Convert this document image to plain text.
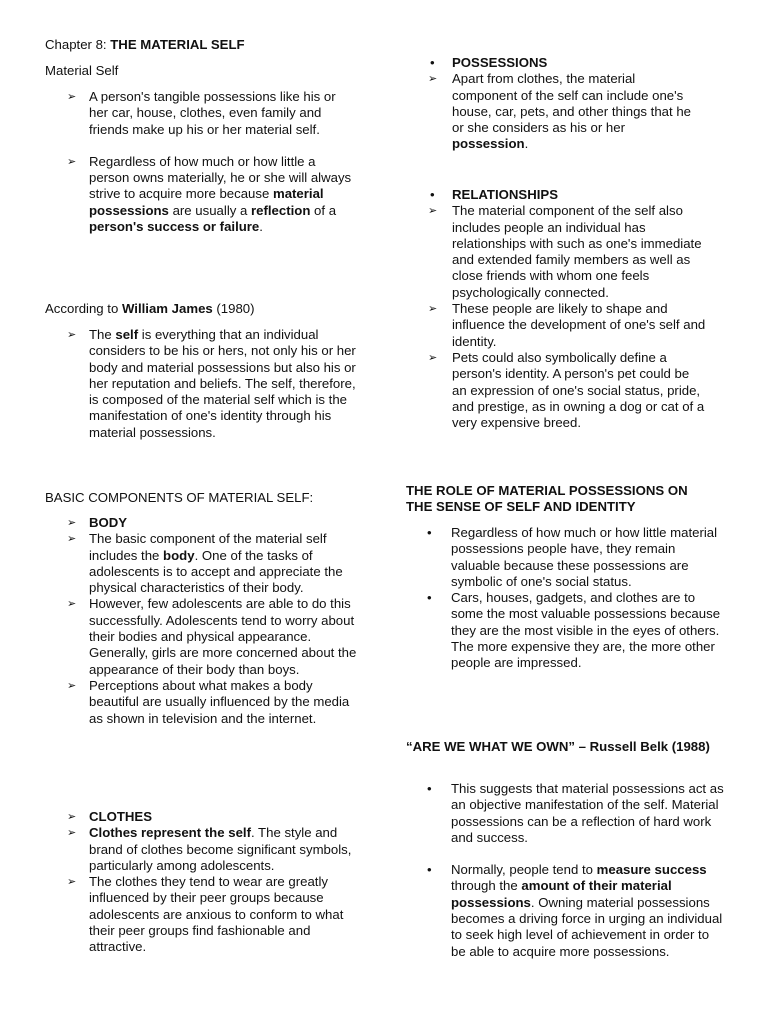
Chapter 8: THE MATERIAL SELF

Material Self

➢ A person's tangible possessions like his or her car, house, clothes, even family and friends make up his or her material self.
➢ Regardless of how much or how little a person owns materially, he or she will always strive to acquire more because material possessions are usually a reflection of a person's success or failure.

According to William James (1980)

➢ The self is everything that an individual considers to be his or hers, not only his or her body and material possessions but also his or her reputation and beliefs. The self, therefore, is composed of the material self which is the manifestation of one's identity through his material possessions.

BASIC COMPONENTS OF MATERIAL SELF:

➢ BODY
➢ The basic component of the material self includes the body. One of the tasks of adolescents is to accept and appreciate the physical characteristics of their body.
➢ However, few adolescents are able to do this successfully. Adolescents tend to worry about their bodies and physical appearance. Generally, girls are more concerned about the appearance of their body than boys.
➢ Perceptions about what makes a body beautiful are usually influenced by the media as shown in television and the internet.
➢ CLOTHES
➢ Clothes represent the self. The style and brand of clothes become significant symbols, particularly among adolescents.
➢ The clothes they tend to wear are greatly influenced by their peer groups because adolescents are anxious to conform to what their peer groups find fashionable and attractive.
• POSSESSIONS
➢ Apart from clothes, the material component of the self can include one's house, car, pets, and other things that he or she considers as his or her possession.
• RELATIONSHIPS
➢ The material component of the self also includes people an individual has relationships with such as one's immediate and extended family members as well as close friends with whom one feels psychologically connected.
➢ These people are likely to shape and influence the development of one's self and identity.
➢ Pets could also symbolically define a person's identity. A person's pet could be an expression of one's social status, pride, and prestige, as in owning a dog or cat of a very expensive breed.

THE ROLE OF MATERIAL POSSESSIONS ON THE SENSE OF SELF AND IDENTITY

• Regardless of how much or how little material possessions people have, they remain valuable because these possessions are symbolic of one's social status.
• Cars, houses, gadgets, and clothes are to some the most valuable possessions because they are the most visible in the eyes of others. The more expensive they are, the more other people are impressed.

“ARE WE WHAT WE OWN” – Russell Belk (1988)

• This suggests that material possessions act as an objective manifestation of the self. Material possessions can be a reflection of hard work and success.
• Normally, people tend to measure success through the amount of their material possessions. Owning material possessions becomes a driving force in urging an individual to seek high level of achievement in order to be able to acquire more possessions.
